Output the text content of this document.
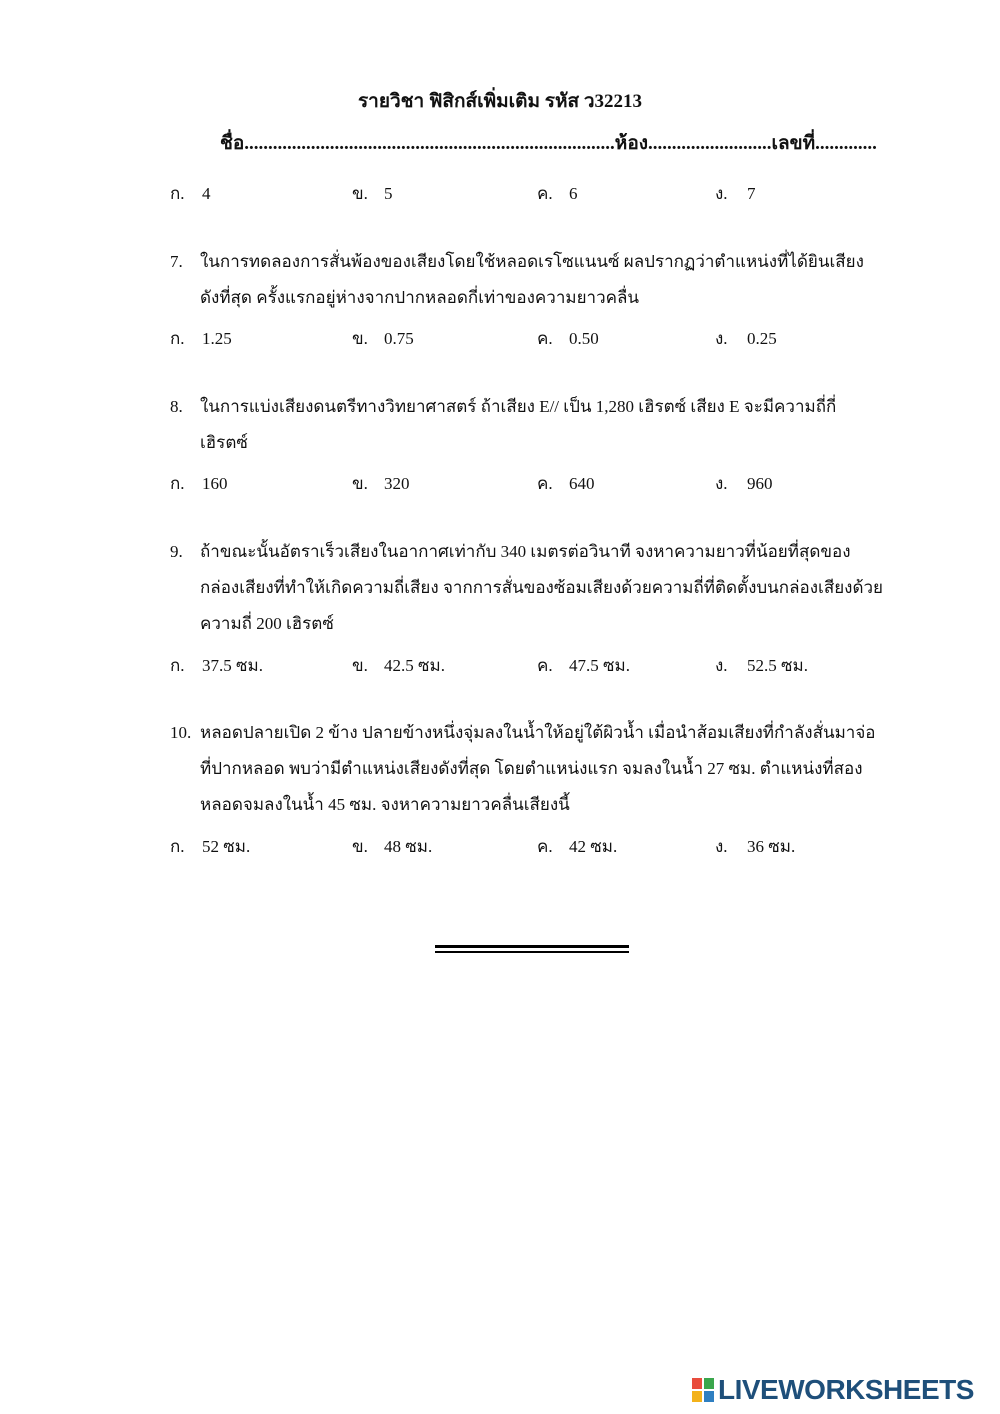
รายวิชา ฟิสิกส์เพิ่มเติม รหัส ว32213
ชื่อ..............................................................................ห้อง..........................เลขที่.............
ก. 4	ข. 5	ค. 6	ง. 7
7.	ในการทดลองการสั่นพ้องของเสียงโดยใช้หลอดเรโซแนนซ์ ผลปรากฏว่าตำแหน่งที่ได้ยินเสียง
ดังที่สุด ครั้งแรกอยู่ห่างจากปากหลอดกี่เท่าของความยาวคลื่น
ก. 1.25	ข. 0.75	ค. 0.50	ง. 0.25
8.	ในการแบ่งเสียงดนตรีทางวิทยาศาสตร์ ถ้าเสียง E// เป็น 1,280 เฮิรตซ์ เสียง E จะมีความถี่กี่
เฮิรตซ์
ก. 160	ข. 320	ค. 640	ง. 960
9.	ถ้าขณะนั้นอัตราเร็วเสียงในอากาศเท่ากับ 340 เมตรต่อวินาที จงหาความยาวที่น้อยที่สุดของ
กล่องเสียงที่ทำให้เกิดความถี่เสียง จากการสั่นของซ้อมเสียงด้วยความถี่ที่ติดตั้งบนกล่องเสียงด้วย
ความถี่ 200 เฮิรตซ์
ก. 37.5 ซม.	ข. 42.5 ซม.	ค. 47.5 ซม.	ง. 52.5 ซม.
10. หลอดปลายเปิด 2 ข้าง ปลายข้างหนึ่งจุ่มลงในน้ำให้อยู่ใต้ผิวน้ำ เมื่อนำส้อมเสียงที่กำลังสั่นมาจ่อ
ที่ปากหลอด พบว่ามีตำแหน่งเสียงดังที่สุด โดยตำแหน่งแรก จมลงในน้ำ 27 ซม. ตำแหน่งที่สอง
หลอดจมลงในน้ำ 45 ซม. จงหาความยาวคลื่นเสียงนี้
ก. 52 ซม.	ข. 48 ซม.	ค. 42 ซม.	ง. 36 ซม.
LIVEWORKSHEETS
